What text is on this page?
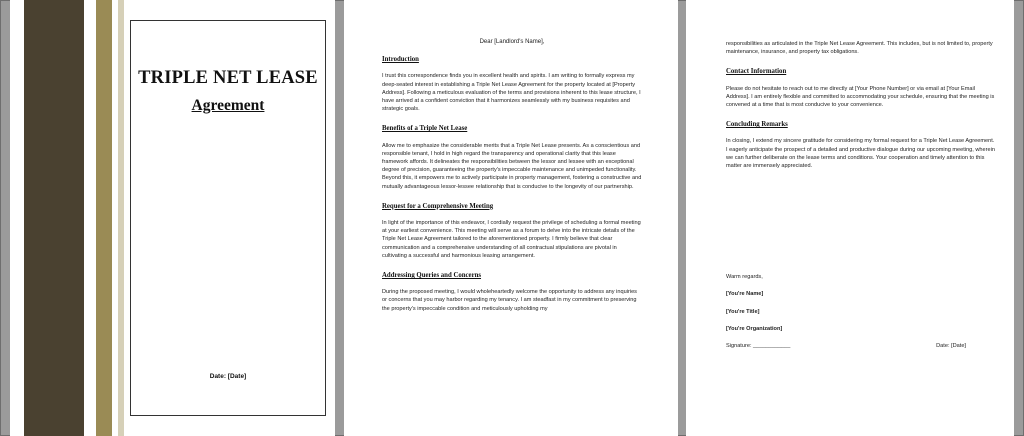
TRIPLE NET LEASE
Agreement
Date: [Date]
Dear [Landlord's Name],
Introduction
I trust this correspondence finds you in excellent health and spirits. I am writing to formally express my deep-seated interest in establishing a Triple Net Lease Agreement for the property located at [Property Address]. Following a meticulous evaluation of the terms and provisions inherent to this lease structure, I have arrived at a confident conviction that it harmonizes seamlessly with my business requisites and strategic goals.
Benefits of a Triple Net Lease
Allow me to emphasize the considerable merits that a Triple Net Lease presents. As a conscientious and responsible tenant, I hold in high regard the transparency and operational clarity that this lease framework affords. It delineates the responsibilities between the lessor and lessee with an exceptional degree of precision, guaranteeing the property's impeccable maintenance and unimpeded functionality. Beyond this, it empowers me to actively participate in property management, fostering a constructive and mutually advantageous lessor-lessee relationship that is conducive to the longevity of our partnership.
Request for a Comprehensive Meeting
In light of the importance of this endeavor, I cordially request the privilege of scheduling a formal meeting at your earliest convenience. This meeting will serve as a forum to delve into the intricate details of the Triple Net Lease Agreement tailored to the aforementioned property. I firmly believe that clear communication and a comprehensive understanding of all contractual stipulations are pivotal in cultivating a successful and harmonious leasing arrangement.
Addressing Queries and Concerns
During the proposed meeting, I would wholeheartedly welcome the opportunity to address any inquiries or concerns that you may harbor regarding my tenancy. I am steadfast in my commitment to preserving the property's impeccable condition and meticulously upholding my
responsibilities as articulated in the Triple Net Lease Agreement. This includes, but is not limited to, property maintenance, insurance, and property tax obligations.
Contact Information
Please do not hesitate to reach out to me directly at [Your Phone Number] or via email at [Your Email Address]. I am entirely flexible and committed to accommodating your schedule, ensuring that the meeting is convened at a time that is most conducive to your convenience.
Concluding Remarks
In closing, I extend my sincere gratitude for considering my formal request for a Triple Net Lease Agreement. I eagerly anticipate the prospect of a detailed and productive dialogue during our upcoming meeting, wherein we can further deliberate on the lease terms and conditions. Your cooperation and timely attention to this matter are immensely appreciated.
Warm regards,
[You're Name]
[You're Title]
[You're Organization]
Signature: ____________	Date: [Date]
